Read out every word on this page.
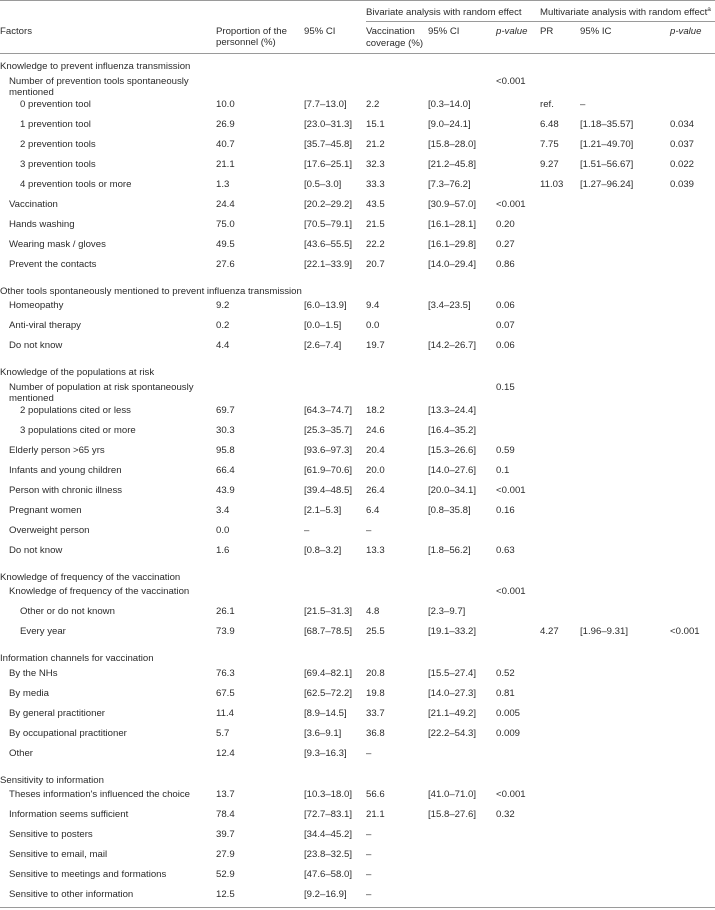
			Bivariate analysis with random effect			Multivariate analysis with random effect$^a$
Factors	Proportion of the personnel (%)	95% CI	Vaccination coverage (%)	95% CI	p-value	PR	95% IC	p-value
Knowledge to prevent influenza transmission								
Number of prevention tools spontaneously mentioned					<0.001			
0 prevention tool	10.0	[7.7–13.0]	2.2	[0.3–14.0]		ref.	–	
1 prevention tool	26.9	[23.0–31.3]	15.1	[9.0–24.1]		6.48	[1.18–35.57]	0.034
2 prevention tools	40.7	[35.7–45.8]	21.2	[15.8–28.0]		7.75	[1.21–49.70]	0.037
3 prevention tools	21.1	[17.6–25.1]	32.3	[21.2–45.8]		9.27	[1.51–56.67]	0.022
4 prevention tools or more	1.3	[0.5–3.0]	33.3	[7.3–76.2]		11.03	[1.27–96.24]	0.039
Vaccination	24.4	[20.2–29.2]	43.5	[30.9–57.0]	<0.001			
Hands washing	75.0	[70.5–79.1]	21.5	[16.1–28.1]	0.20			
Wearing mask / gloves	49.5	[43.6–55.5]	22.2	[16.1–29.8]	0.27			
Prevent the contacts	27.6	[22.1–33.9]	20.7	[14.0–29.4]	0.86			
Other tools spontaneously mentioned to prevent influenza transmission								
Homeopathy	9.2	[6.0–13.9]	9.4	[3.4–23.5]	0.06			
Anti-viral therapy	0.2	[0.0–1.5]	0.0		0.07			
Do not know	4.4	[2.6–7.4]	19.7	[14.2–26.7]	0.06			
Knowledge of the populations at risk								
Number of population at risk spontaneously mentioned					0.15			
2 populations cited or less	69.7	[64.3–74.7]	18.2	[13.3–24.4]				
3 populations cited or more	30.3	[25.3–35.7]	24.6	[16.4–35.2]				
Elderly person >65 yrs	95.8	[93.6–97.3]	20.4	[15.3–26.6]	0.59			
Infants and young children	66.4	[61.9–70.6]	20.0	[14.0–27.6]	0.1			
Person with chronic illness	43.9	[39.4–48.5]	26.4	[20.0–34.1]	<0.001			
Pregnant women	3.4	[2.1–5.3]	6.4	[0.8–35.8]	0.16			
Overweight person	0.0	–	–					
Do not know	1.6	[0.8–3.2]	13.3	[1.8–56.2]	0.63			
Knowledge of frequency of the vaccination								
Knowledge of frequency of the vaccination					<0.001			
Other or do not known	26.1	[21.5–31.3]	4.8	[2.3–9.7]				
Every year	73.9	[68.7–78.5]	25.5	[19.1–33.2]		4.27	[1.96–9.31]	<0.001
Information channels for vaccination								
By the NHs	76.3	[69.4–82.1]	20.8	[15.5–27.4]	0.52			
By media	67.5	[62.5–72.2]	19.8	[14.0–27.3]	0.81			
By general practitioner	11.4	[8.9–14.5]	33.7	[21.1–49.2]	0.005			
By occupational practitioner	5.7	[3.6–9.1]	36.8	[22.2–54.3]	0.009			
Other	12.4	[9.3–16.3]	–					
Sensitivity to information								
Theses information's influenced the choice	13.7	[10.3–18.0]	56.6	[41.0–71.0]	<0.001			
Information seems sufficient	78.4	[72.7–83.1]	21.1	[15.8–27.6]	0.32			
Sensitive to posters	39.7	[34.4–45.2]	–					
Sensitive to email, mail	27.9	[23.8–32.5]	–					
Sensitive to meetings and formations	52.9	[47.6–58.0]	–					
Sensitive to other information	12.5	[9.2–16.9]	–					
